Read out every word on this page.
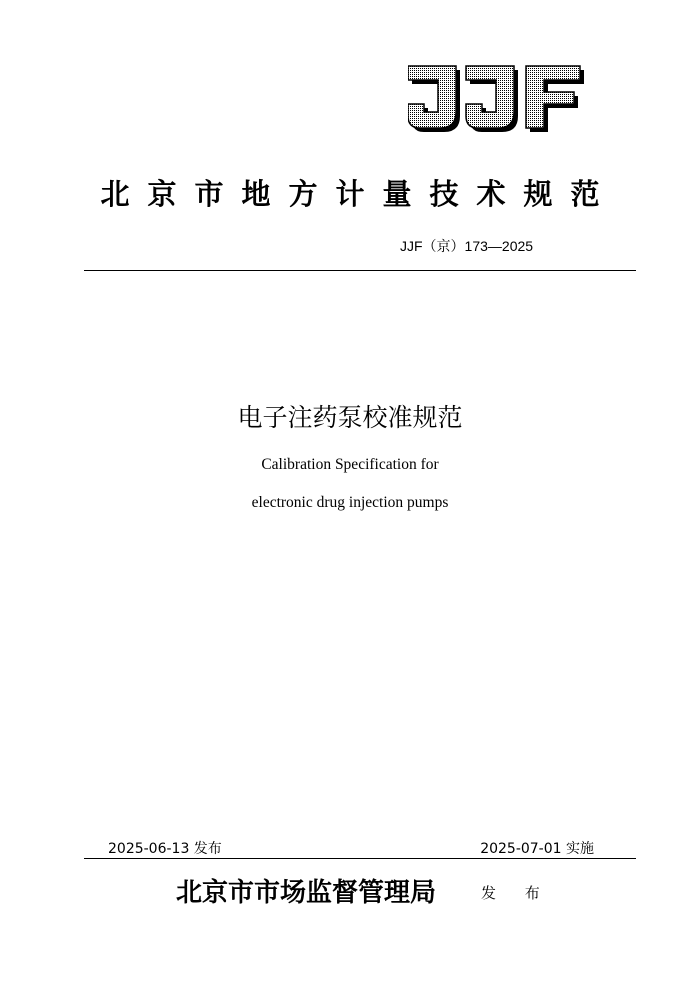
北京市地方计量技术规范
JJF（京）173—2025
电子注药泵校准规范
Calibration Specification for
electronic drug injection pumps
2025-06-13 发布	2025-07-01 实施
北京市市场监督管理局	发 布
